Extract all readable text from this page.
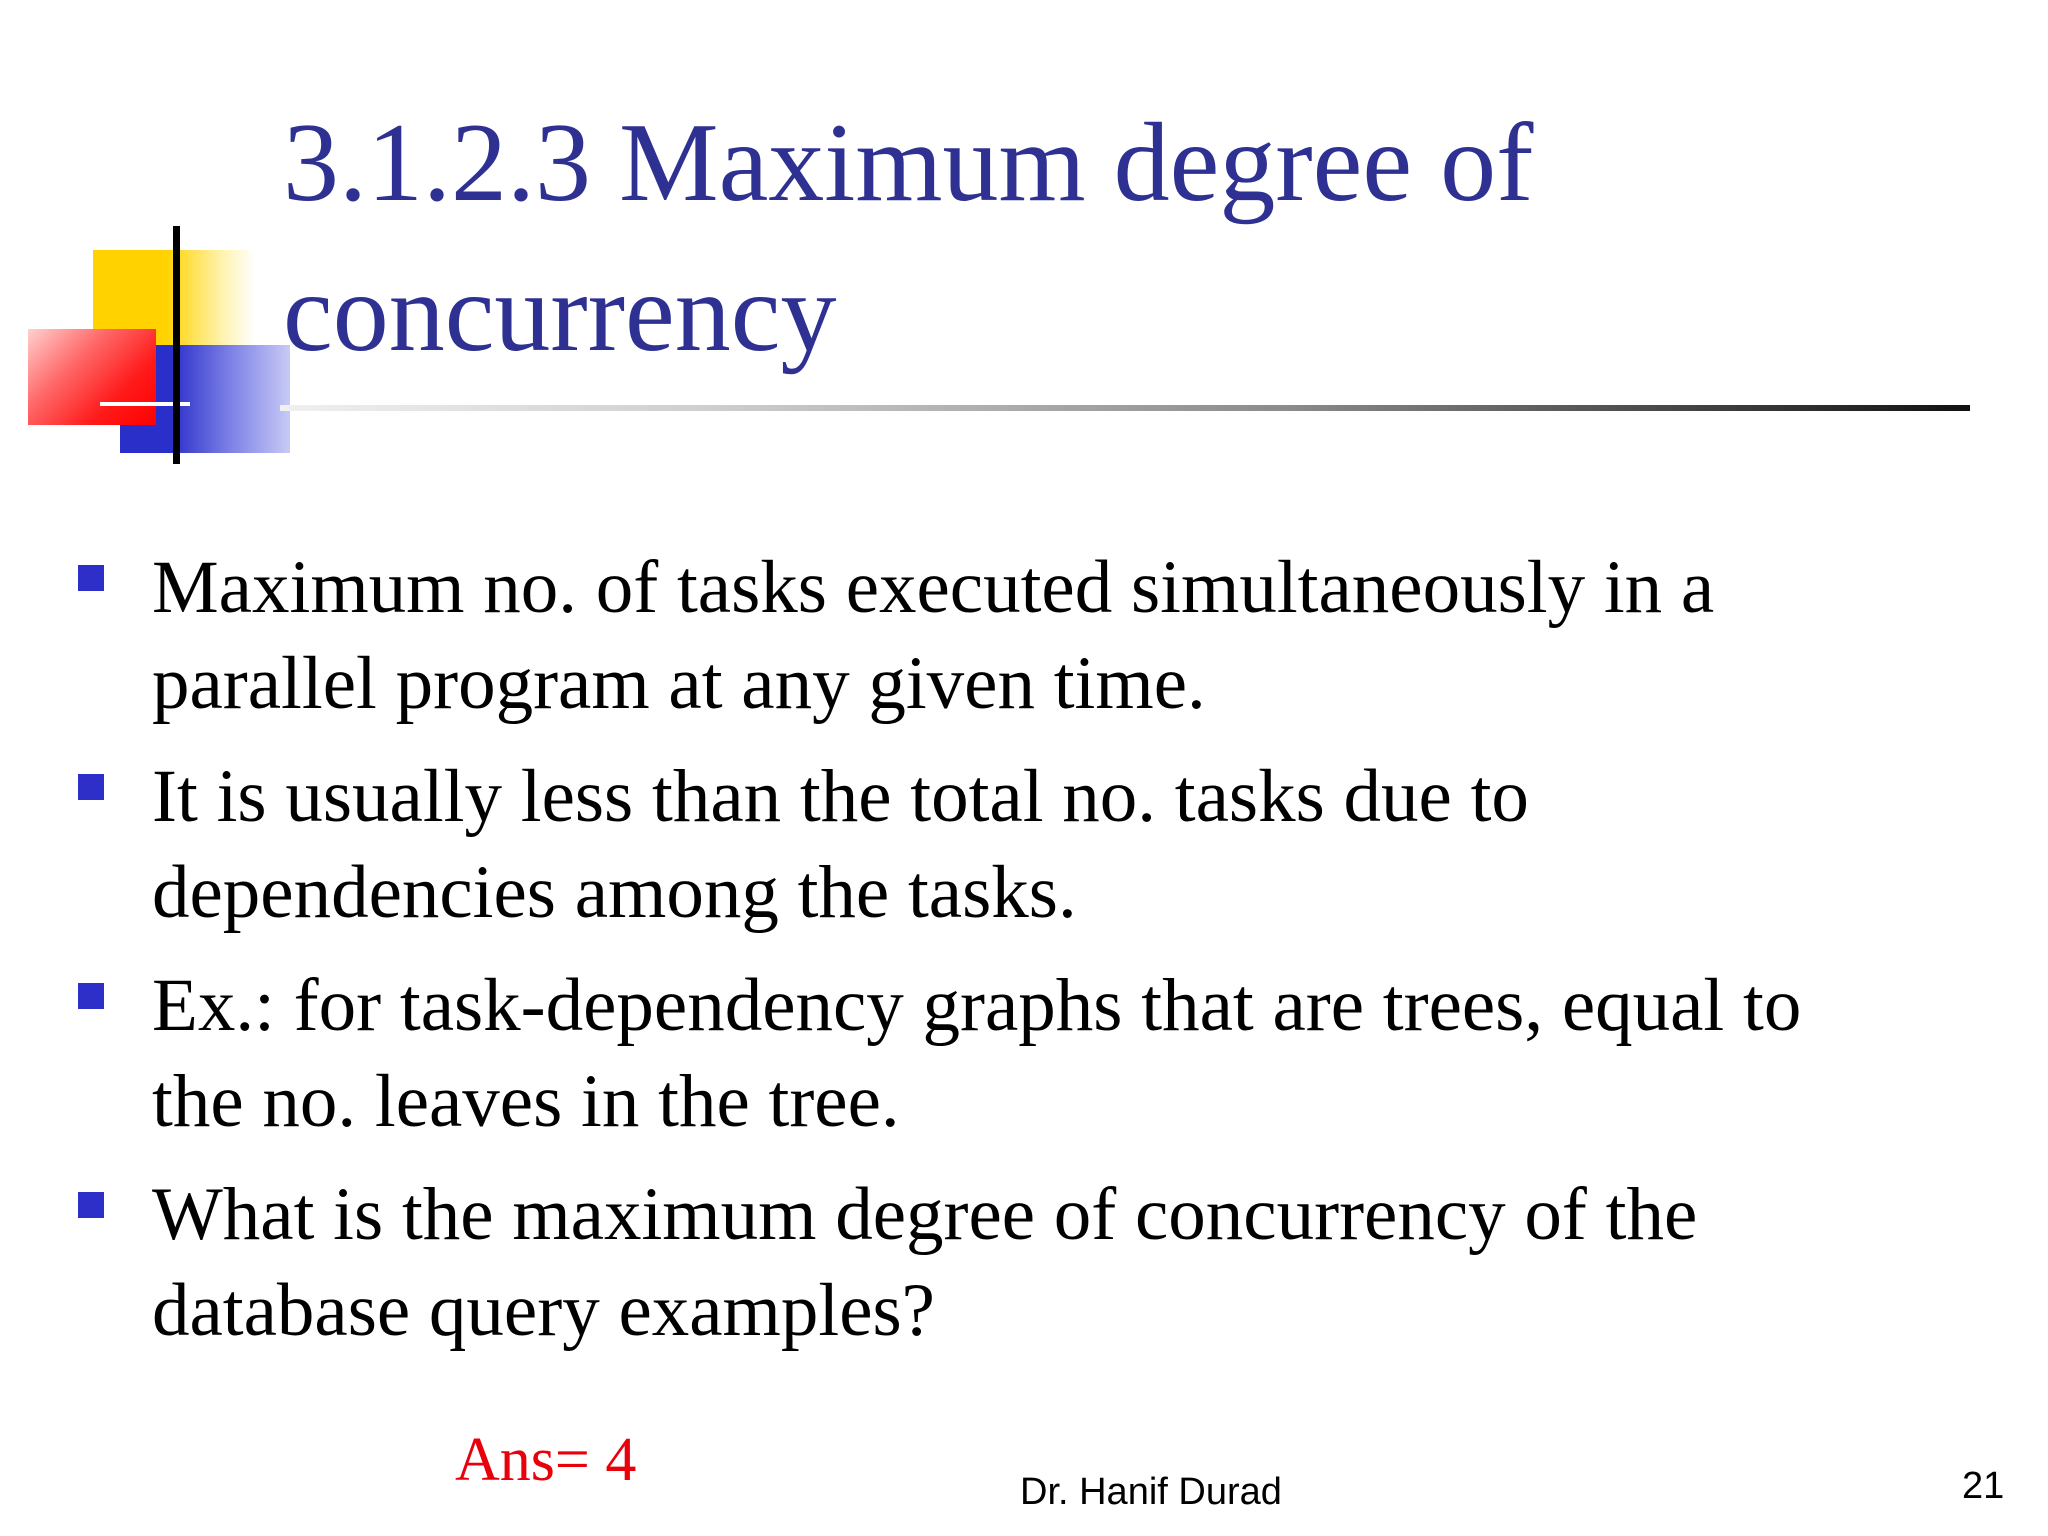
3.1.2.3 Maximum degree of
concurrency
Maximum no. of tasks executed simultaneously in a
parallel program at any given time.
It is usually less than the total no. tasks due to
dependencies among the tasks.
Ex.: for task-dependency graphs that are trees, equal to
the no. leaves in the tree.
What is the maximum degree of concurrency of the
database query examples?
Ans= 4	Dr. Hanif Durad	21
